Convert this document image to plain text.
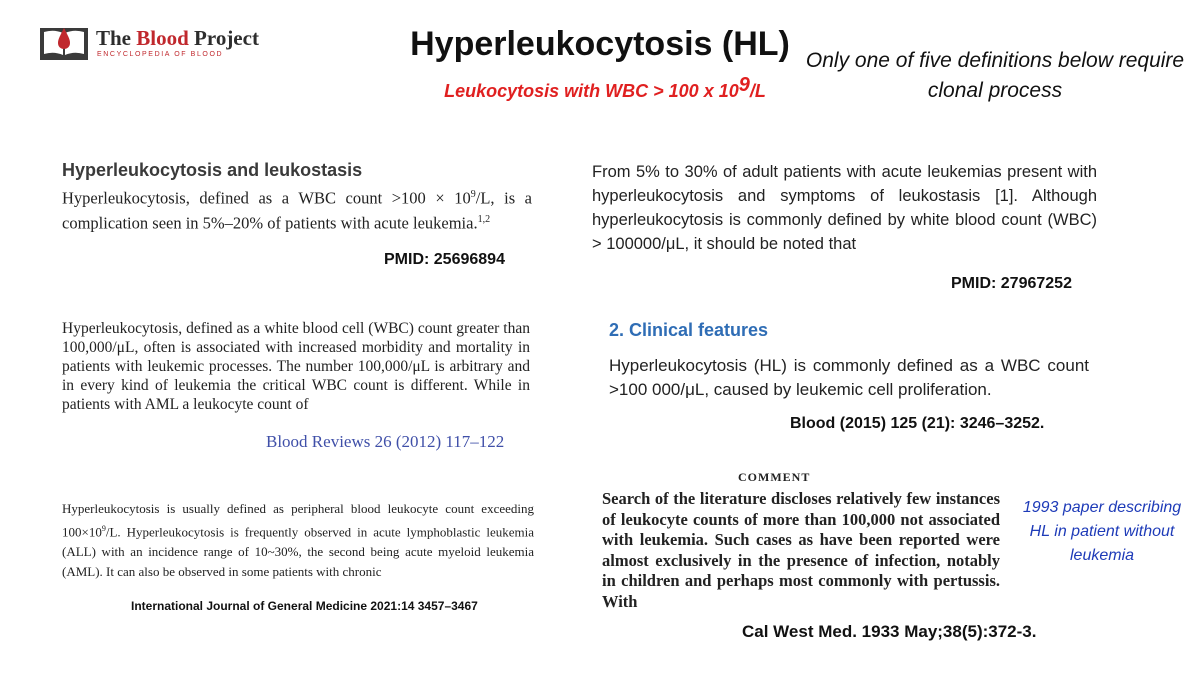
The Blood Project
ENCYCLOPEDIA OF BLOOD	Hyperleukocytosis (HL)
Leukocytosis with WBC > 100 x $10^9/L$
Only one of five definitions below require clonal process
Hyperleukocytosis and leukostasis
Hyperleukocytosis, defined as a WBC count $>100 \times 10^9/L$, is a complication seen in 5%–20% of patients with acute leukemia.$^{1,2}$
PMID: 25696894
From 5% to 30% of adult patients with acute leukemias present with hyperleukocytosis and symptoms of leukostasis [1]. Although hyperleukocytosis is commonly defined by white blood count (WBC) > 100000/μL, it should be noted that
PMID: 27967252
Hyperleukocytosis, defined as a white blood cell (WBC) count greater than 100,000/μL, often is associated with increased morbidity and mortality in patients with leukemic processes. The number 100,000/μL is arbitrary and in every kind of leukemia the critical WBC count is different. While in patients with AML a leukocyte count of
Blood Reviews 26 (2012) 117–122
2. Clinical features
Hyperleukocytosis (HL) is commonly defined as a WBC count >100 000/μL, caused by leukemic cell proliferation.
Blood (2015) 125 (21): 3246–3252.
Hyperleukocytosis is usually defined as peripheral blood leukocyte count exceeding $100\times 10^9/L$. Hyperleukocytosis is frequently observed in acute lymphoblastic leukemia (ALL) with an incidence range of 10~30%, the second being acute myeloid leukemia (AML). It can also be observed in some patients with chronic
International Journal of General Medicine 2021:14 3457–3467
COMMENT
Search of the literature discloses relatively few instances of leukocyte counts of more than 100,000 not associated with leukemia. Such cases as have been reported were almost exclusively in the presence of infection, notably in children and perhaps most commonly with pertussis. With
Cal West Med. 1933 May;38(5):372-3.
1993 paper describing HL in patient without leukemia
